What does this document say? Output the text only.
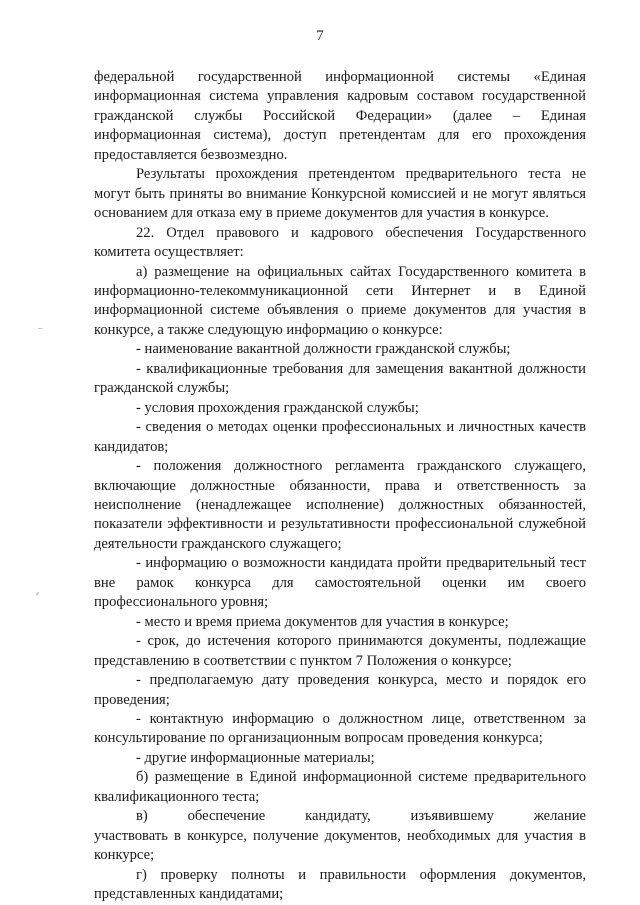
7
–
⸗

федеральной государственной информационной системы «Единая
информационная система управления кадровым составом государственной
гражданской службы Российской Федерации» (далее – Единая
информационная система), доступ претендентам для его прохождения
предоставляется безвозмездно.

Результаты прохождения претендентом предварительного теста не
могут быть приняты во внимание Конкурсной комиссией и не могут являться
основанием для отказа ему в приеме документов для участия в конкурсе.

22. Отдел правового и кадрового обеспечения Государственного
комитета осуществляет:

а) размещение на официальных сайтах Государственного комитета в
информационно-телекоммуникационной сети Интернет и в Единой
информационной системе объявления о приеме документов для участия в
конкурсе, а также следующую информацию о конкурсе:

- наименование вакантной должности гражданской службы;

- квалификационные требования для замещения вакантной должности
гражданской службы;

- условия прохождения гражданской службы;

- сведения о методах оценки профессиональных и личностных качеств
кандидатов;

- положения должностного регламента гражданского служащего,
включающие должностные обязанности, права и ответственность за
неисполнение (ненадлежащее исполнение) должностных обязанностей,
показатели эффективности и результативности профессиональной служебной
деятельности гражданского служащего;

- информацию о возможности кандидата пройти предварительный тест
вне рамок конкурса для самостоятельной оценки им своего
профессионального уровня;

- место и время приема документов для участия в конкурсе;

- срок, до истечения которого принимаются документы, подлежащие
представлению в соответствии с пунктом 7 Положения о конкурсе;

- предполагаемую дату проведения конкурса, место и порядок его
проведения;

- контактную информацию о должностном лице, ответственном за
консультирование по организационным вопросам проведения конкурса;

- другие информационные материалы;

б) размещение в Единой информационной системе предварительного
квалификационного теста;

в) обеспечение кандидату, изъявившему желание
участвовать в конкурсе, получение документов, необходимых для участия в
конкурсе;

г) проверку полноты и правильности оформления документов,
представленных кандидатами;
